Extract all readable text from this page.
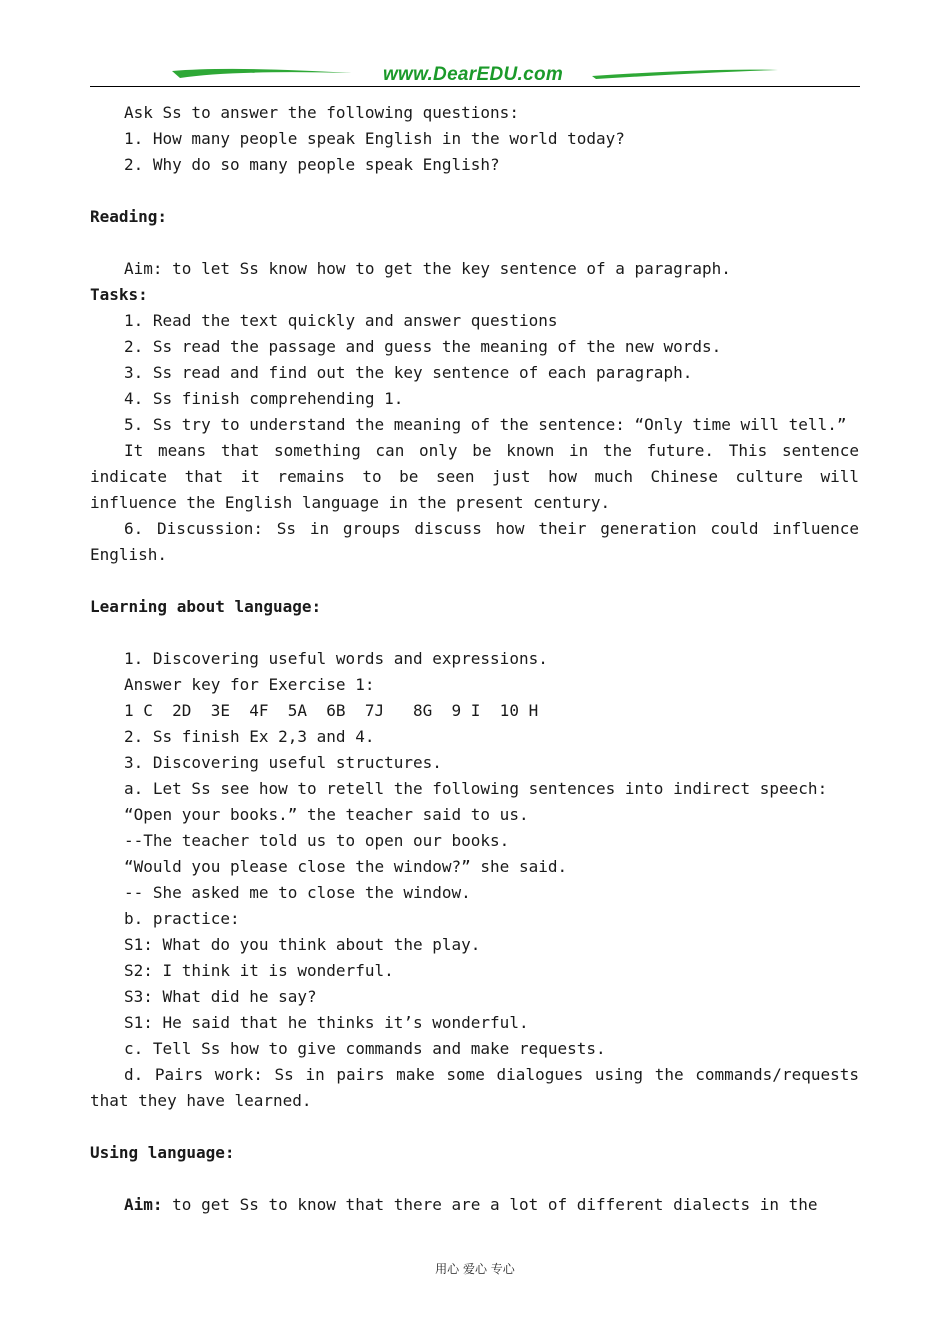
www.DearEDU.com

Ask Ss to answer the following questions:

1. How many people speak English in the world today?

2. Why do so many people speak English?

Reading:

Aim: to let Ss know how to get the key sentence of a paragraph.

Tasks:

1. Read the text quickly and answer questions

2. Ss read the passage and guess the meaning of the new words.

3. Ss read and find out the key sentence of each paragraph.

4. Ss finish comprehending 1.

5. Ss try to understand the meaning of the sentence: “Only time will tell.”

It means that something can only be known in the future. This sentence indicate that it remains to be seen just how much Chinese culture will influence the English language in the present century.

6. Discussion: Ss in groups discuss how their generation could influence English.

Learning about language:

1. Discovering useful words and expressions.

Answer key for Exercise 1:

1 C  2D  3E  4F  5A  6B  7J   8G  9 I  10 H

2. Ss finish Ex 2,3 and 4.

3. Discovering useful structures.

a. Let Ss see how to retell the following sentences into indirect speech:

“Open your books.” the teacher said to us.

--The teacher told us to open our books.

“Would you please close the window?” she said.

-- She asked me to close the window.

b. practice:

S1: What do you think about the play.

S2: I think it is wonderful.

S3: What did he say?

S1: He said that he thinks it’s wonderful.

c. Tell Ss how to give commands and make requests.

d. Pairs work: Ss in pairs make some dialogues using the commands/requests that they have learned.

Using language:

Aim: to get Ss to know that there are a lot of different dialects in the

用心 爱心 专心
